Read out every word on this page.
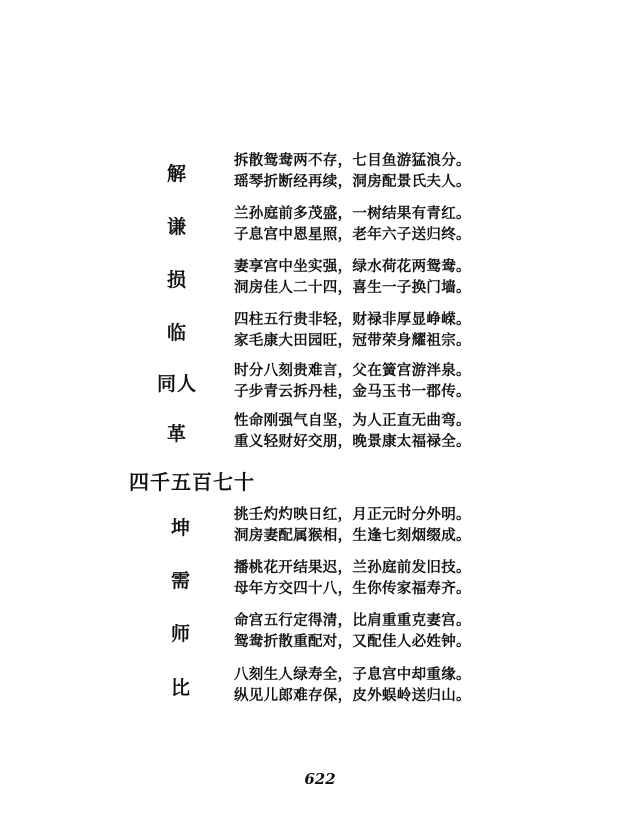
解
拆散鸳鸯两不存，七目鱼游猛浪分。
瑶琴折断经再续，洞房配景氏夫人。
谦
兰孙庭前多茂盛，一树结果有青红。
子息宫中恩星照，老年六子送归终。
损
妻享宫中坐实强，绿水荷花两鸳鸯。
洞房佳人二十四，喜生一子换门墙。
临
四柱五行贵非轻，财禄非厚显峥嵘。
家毛康大田园旺，冠带荣身耀祖宗。
同人
时分八刻贵难言，父在簧宫游泮泉。
子步青云拆丹桂，金马玉书一郡传。
革
性命刚强气自坚，为人正直无曲弯。
重义轻财好交朋，晚景康太福禄全。
四千五百七十
坤
挑壬灼灼映日红，月正元时分外明。
洞房妻配属猴相，生逢七刻烟缀成。
需
播桃花开结果迟，兰孙庭前发旧技。
母年方交四十八，生你传家福寿齐。
师
命宫五行定得清，比肩重重克妻宫。
鸳鸯折散重配对，又配佳人必姓钟。
比
八刻生人绿寿全，子息宫中却重缘。
纵见儿郎难存保，皮外蜈岭送归山。
622
